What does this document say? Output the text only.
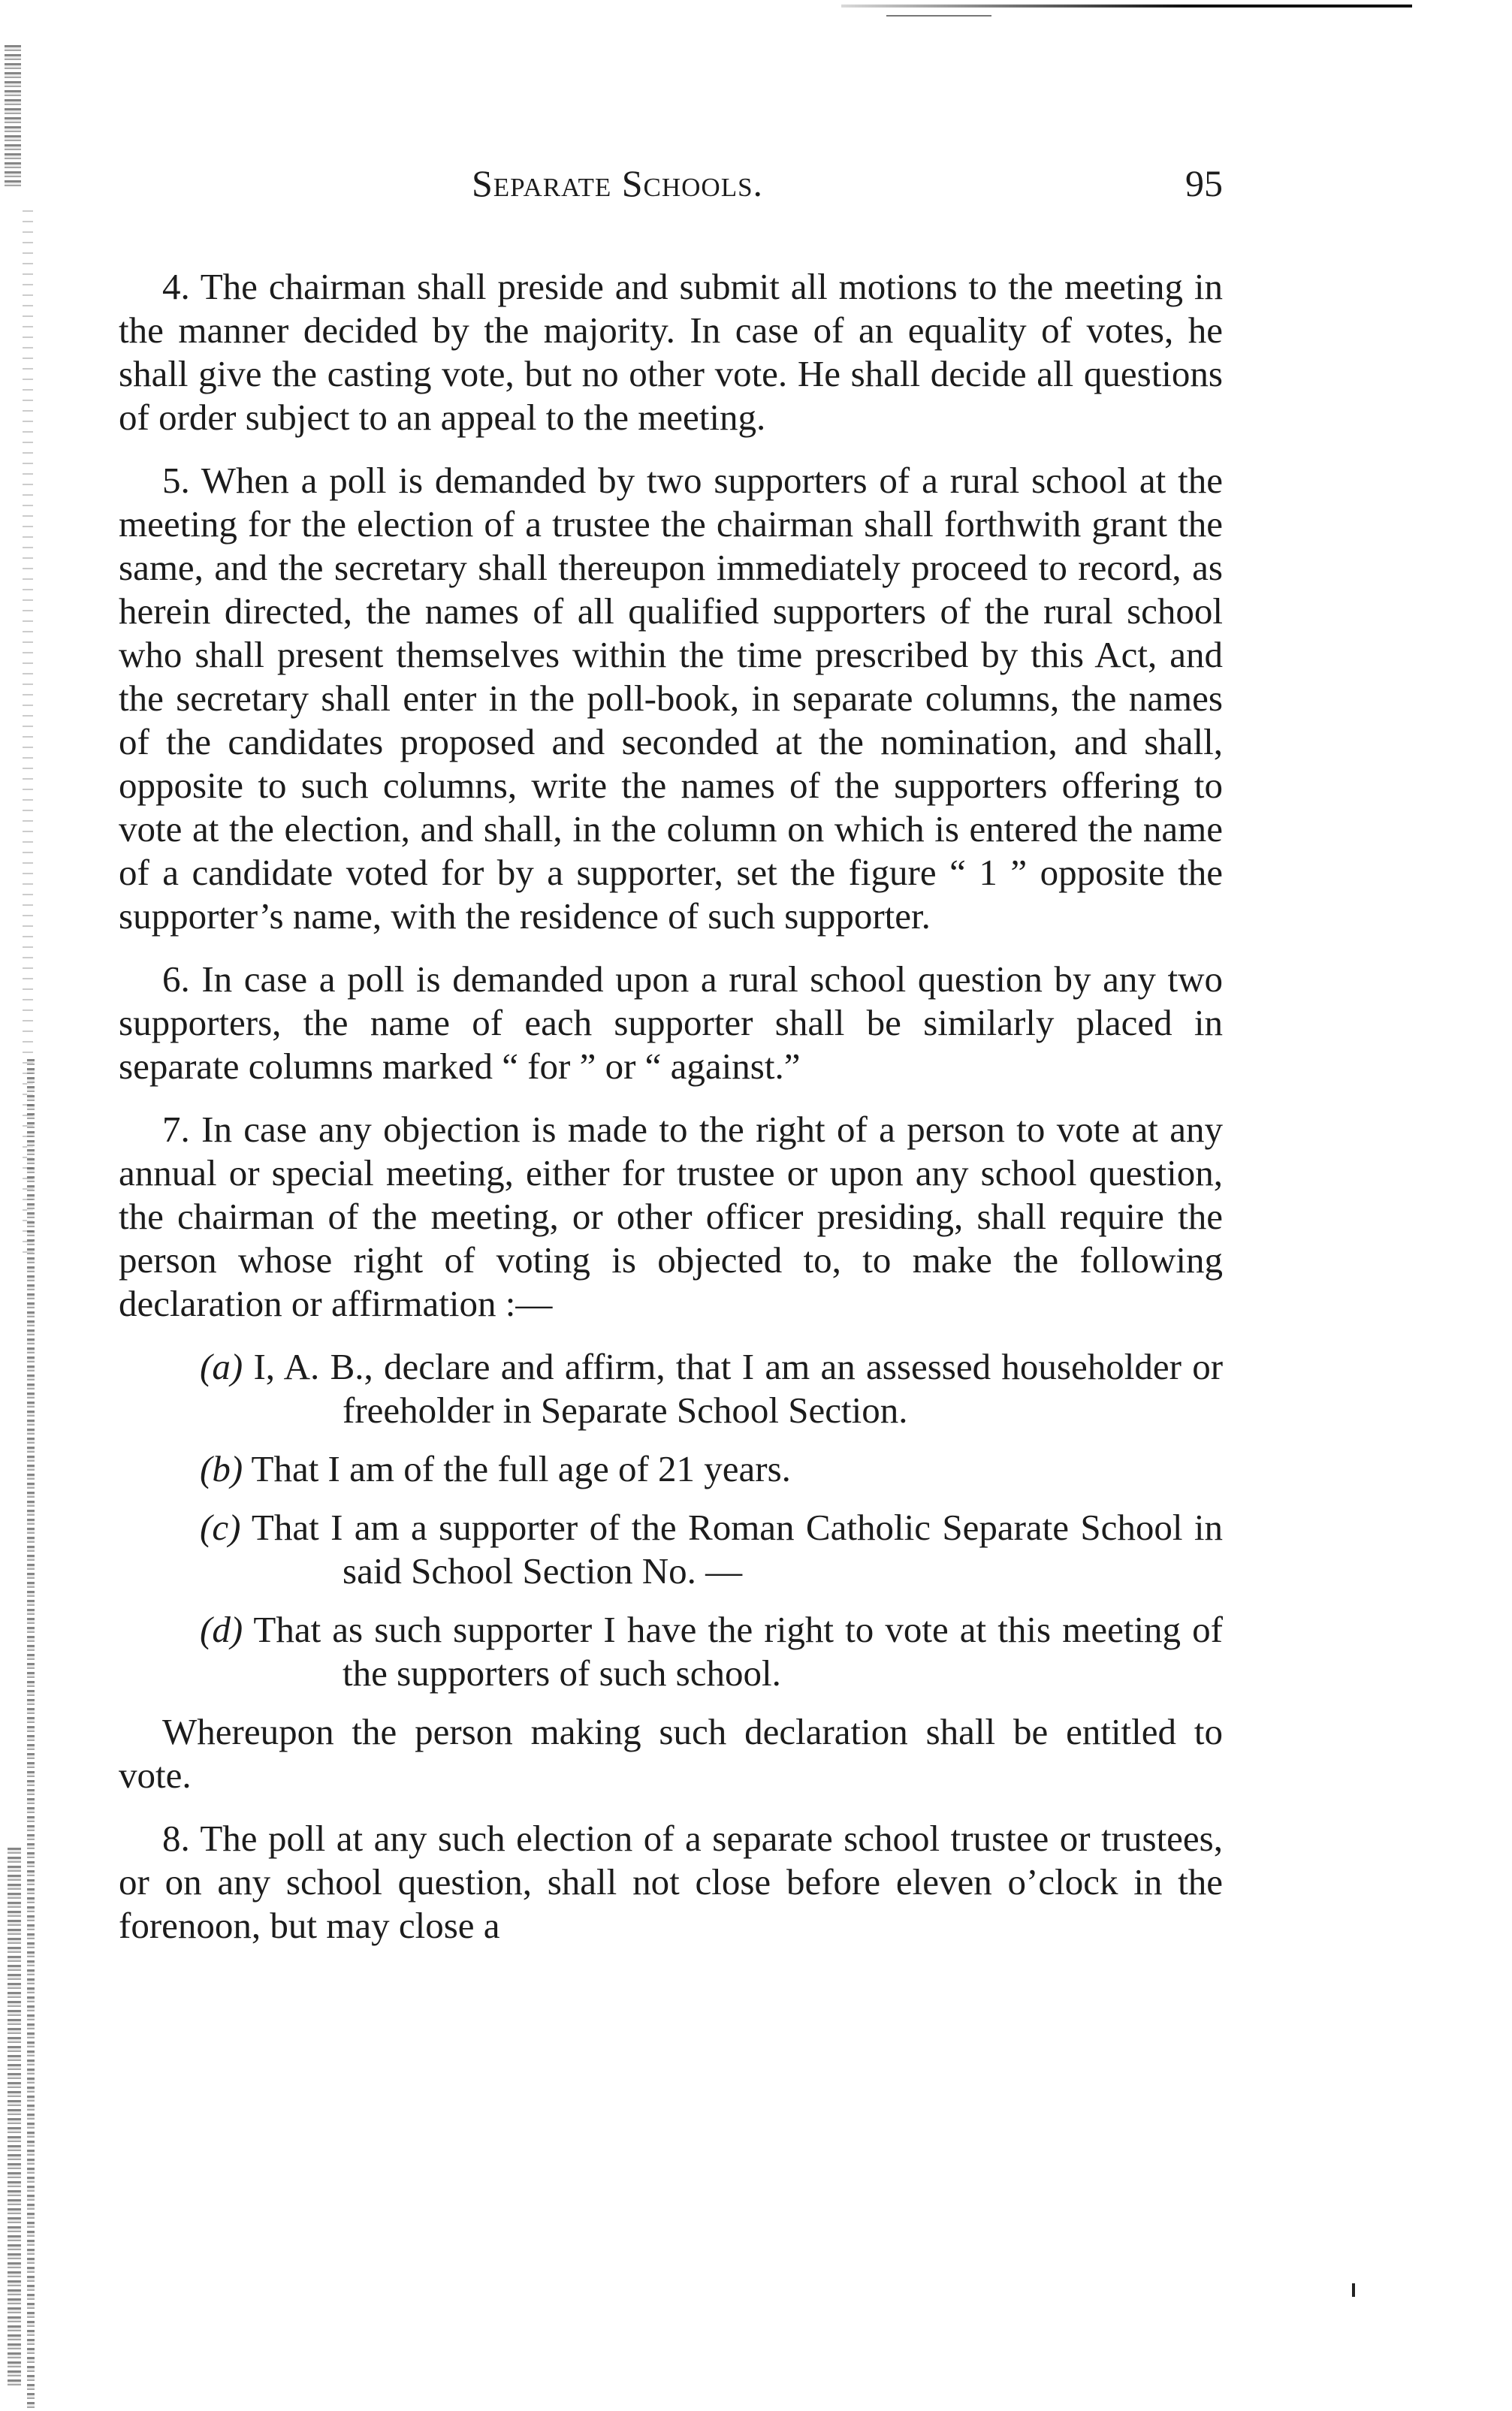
Separate Schools.	95

4. The chairman shall preside and submit all motions to the meeting in the manner decided by the majority. In case of an equality of votes, he shall give the casting vote, but no other vote. He shall decide all questions of order subject to an appeal to the meeting.

5. When a poll is demanded by two supporters of a rural school at the meeting for the election of a trustee the chairman shall forthwith grant the same, and the secretary shall thereupon immediately proceed to record, as herein directed, the names of all qualified supporters of the rural school who shall present themselves within the time prescribed by this Act, and the secretary shall enter in the poll-book, in separate columns, the names of the candidates proposed and seconded at the nomination, and shall, opposite to such columns, write the names of the supporters offering to vote at the election, and shall, in the column on which is entered the name of a candidate voted for by a supporter, set the figure “ 1 ” opposite the supporter’s name, with the residence of such supporter.

6. In case a poll is demanded upon a rural school question by any two supporters, the name of each supporter shall be similarly placed in separate columns marked “ for ” or “ against.”

7. In case any objection is made to the right of a person to vote at any annual or special meeting, either for trustee or upon any school question, the chairman of the meeting, or other officer presiding, shall require the person whose right of voting is objected to, to make the following declaration or affirmation :—

(a) I, A. B., declare and affirm, that I am an assessed householder or freeholder in Separate School Section.

(b) That I am of the full age of 21 years.

(c) That I am a supporter of the Roman Catholic Separate School in said School Section No. —

(d) That as such supporter I have the right to vote at this meeting of the supporters of such school.

Whereupon the person making such declaration shall be entitled to vote.

8. The poll at any such election of a separate school trustee or trustees, or on any school question, shall not close before eleven o’clock in the forenoon, but may close a
